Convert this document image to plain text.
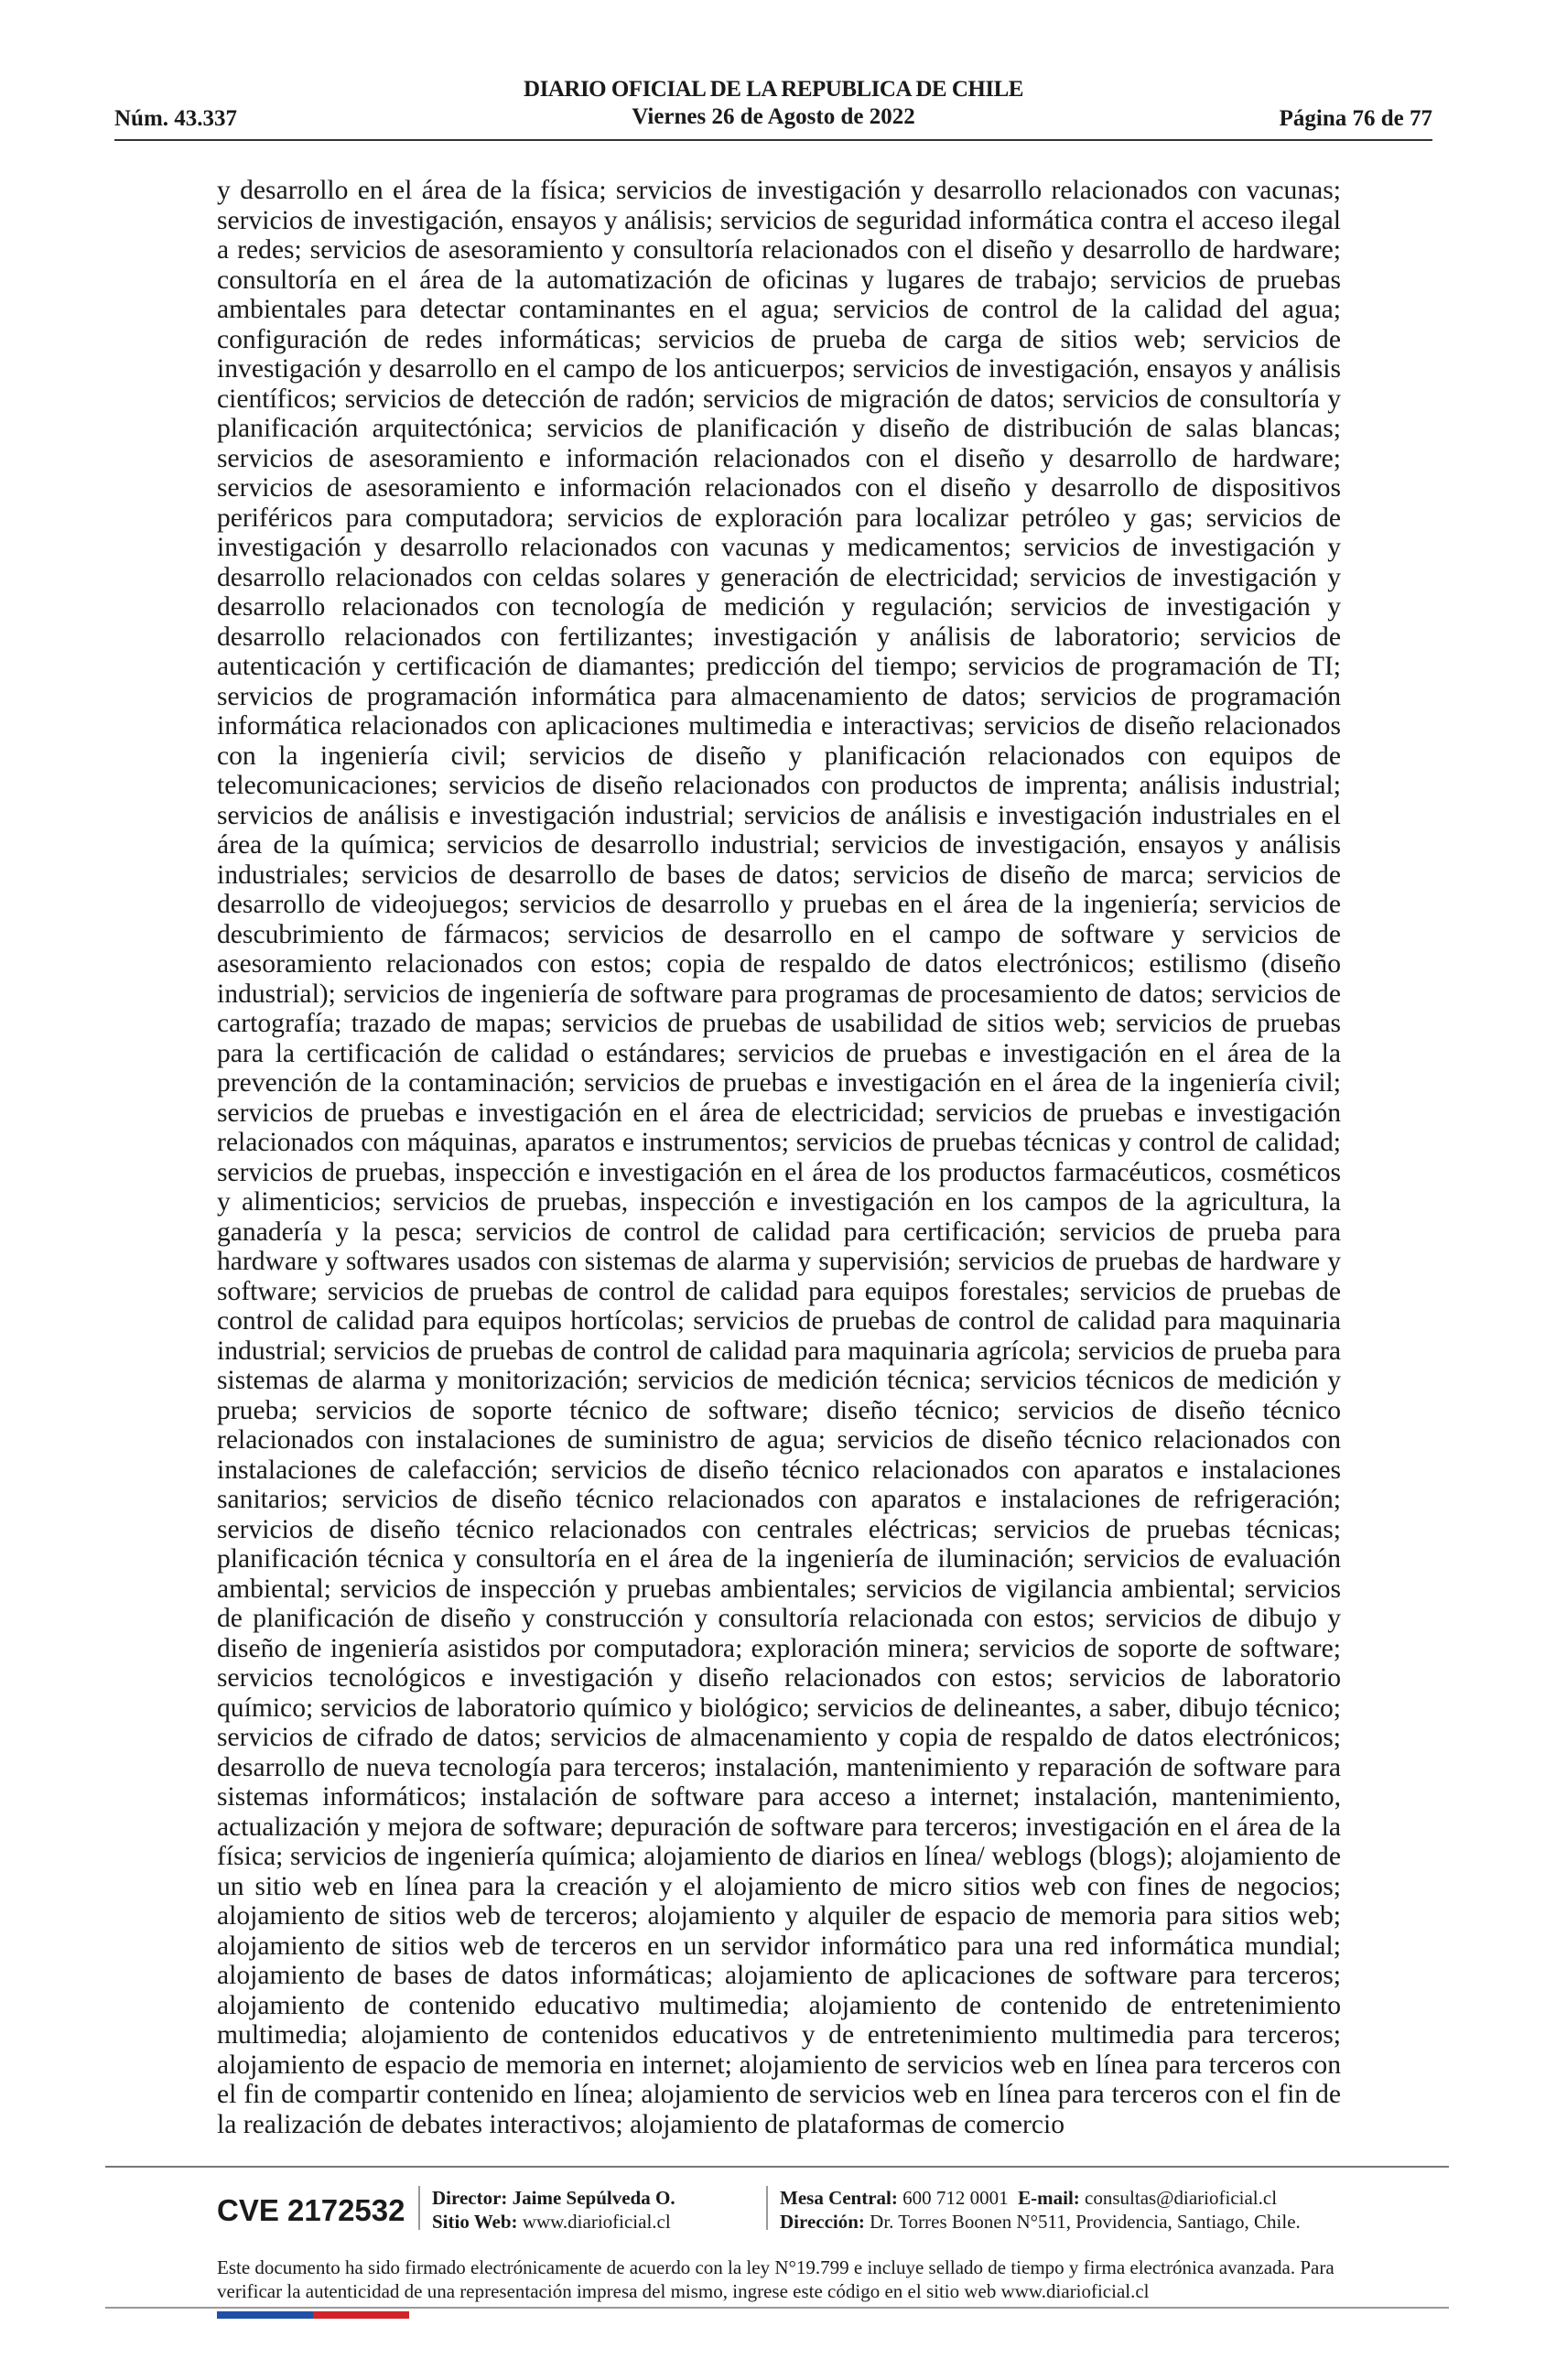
Núm. 43.337
DIARIO OFICIAL DE LA REPUBLICA DE CHILE
Viernes 26 de Agosto de 2022	Página 76 de 77

y desarrollo en el área de la física; servicios de investigación y desarrollo relacionados con vacunas; servicios de investigación, ensayos y análisis; servicios de seguridad informática contra el acceso ilegal a redes; servicios de asesoramiento y consultoría relacionados con el diseño y desarrollo de hardware; consultoría en el área de la automatización de oficinas y lugares de trabajo; servicios de pruebas ambientales para detectar contaminantes en el agua; servicios de control de la calidad del agua; configuración de redes informáticas; servicios de prueba de carga de sitios web; servicios de investigación y desarrollo en el campo de los anticuerpos; servicios de investigación, ensayos y análisis científicos; servicios de detección de radón; servicios de migración de datos; servicios de consultoría y planificación arquitectónica; servicios de planificación y diseño de distribución de salas blancas; servicios de asesoramiento e información relacionados con el diseño y desarrollo de hardware; servicios de asesoramiento e información relacionados con el diseño y desarrollo de dispositivos periféricos para computadora; servicios de exploración para localizar petróleo y gas; servicios de investigación y desarrollo relacionados con vacunas y medicamentos; servicios de investigación y desarrollo relacionados con celdas solares y generación de electricidad; servicios de investigación y desarrollo relacionados con tecnología de medición y regulación; servicios de investigación y desarrollo relacionados con fertilizantes; investigación y análisis de laboratorio; servicios de autenticación y certificación de diamantes; predicción del tiempo; servicios de programación de TI; servicios de programación informática para almacenamiento de datos; servicios de programación informática relacionados con aplicaciones multimedia e interactivas; servicios de diseño relacionados con la ingeniería civil; servicios de diseño y planificación relacionados con equipos de telecomunicaciones; servicios de diseño relacionados con productos de imprenta; análisis industrial; servicios de análisis e investigación industrial; servicios de análisis e investigación industriales en el área de la química; servicios de desarrollo industrial; servicios de investigación, ensayos y análisis industriales; servicios de desarrollo de bases de datos; servicios de diseño de marca; servicios de desarrollo de videojuegos; servicios de desarrollo y pruebas en el área de la ingeniería; servicios de descubrimiento de fármacos; servicios de desarrollo en el campo de software y servicios de asesoramiento relacionados con estos; copia de respaldo de datos electrónicos; estilismo (diseño industrial); servicios de ingeniería de software para programas de procesamiento de datos; servicios de cartografía; trazado de mapas; servicios de pruebas de usabilidad de sitios web; servicios de pruebas para la certificación de calidad o estándares; servicios de pruebas e investigación en el área de la prevención de la contaminación; servicios de pruebas e investigación en el área de la ingeniería civil; servicios de pruebas e investigación en el área de electricidad; servicios de pruebas e investigación relacionados con máquinas, aparatos e instrumentos; servicios de pruebas técnicas y control de calidad; servicios de pruebas, inspección e investigación en el área de los productos farmacéuticos, cosméticos y alimenticios; servicios de pruebas, inspección e investigación en los campos de la agricultura, la ganadería y la pesca; servicios de control de calidad para certificación; servicios de prueba para hardware y softwares usados con sistemas de alarma y supervisión; servicios de pruebas de hardware y software; servicios de pruebas de control de calidad para equipos forestales; servicios de pruebas de control de calidad para equipos hortícolas; servicios de pruebas de control de calidad para maquinaria industrial; servicios de pruebas de control de calidad para maquinaria agrícola; servicios de prueba para sistemas de alarma y monitorización; servicios de medición técnica; servicios técnicos de medición y prueba; servicios de soporte técnico de software; diseño técnico; servicios de diseño técnico relacionados con instalaciones de suministro de agua; servicios de diseño técnico relacionados con instalaciones de calefacción; servicios de diseño técnico relacionados con aparatos e instalaciones sanitarios; servicios de diseño técnico relacionados con aparatos e instalaciones de refrigeración; servicios de diseño técnico relacionados con centrales eléctricas; servicios de pruebas técnicas; planificación técnica y consultoría en el área de la ingeniería de iluminación; servicios de evaluación ambiental; servicios de inspección y pruebas ambientales; servicios de vigilancia ambiental; servicios de planificación de diseño y construcción y consultoría relacionada con estos; servicios de dibujo y diseño de ingeniería asistidos por computadora; exploración minera; servicios de soporte de software; servicios tecnológicos e investigación y diseño relacionados con estos; servicios de laboratorio químico; servicios de laboratorio químico y biológico; servicios de delineantes, a saber, dibujo técnico; servicios de cifrado de datos; servicios de almacenamiento y copia de respaldo de datos electrónicos; desarrollo de nueva tecnología para terceros; instalación, mantenimiento y reparación de software para sistemas informáticos; instalación de software para acceso a internet; instalación, mantenimiento, actualización y mejora de software; depuración de software para terceros; investigación en el área de la física; servicios de ingeniería química; alojamiento de diarios en línea/ weblogs (blogs); alojamiento de un sitio web en línea para la creación y el alojamiento de micro sitios web con fines de negocios; alojamiento de sitios web de terceros; alojamiento y alquiler de espacio de memoria para sitios web; alojamiento de sitios web de terceros en un servidor informático para una red informática mundial; alojamiento de bases de datos informáticas; alojamiento de aplicaciones de software para terceros; alojamiento de contenido educativo multimedia; alojamiento de contenido de entretenimiento multimedia; alojamiento de contenidos educativos y de entretenimiento multimedia para terceros; alojamiento de espacio de memoria en internet; alojamiento de servicios web en línea para terceros con el fin de compartir contenido en línea; alojamiento de servicios web en línea para terceros con el fin de la realización de debates interactivos; alojamiento de plataformas de comercio

CVE 2172532 Director: Jaime Sepúlveda O.
Sitio Web: www.diarioficial.cl
Mesa Central: 600 712 0001 E-mail: consultas@diarioficial.cl
Dirección: Dr. Torres Boonen N°511, Providencia, Santiago, Chile.

Este documento ha sido firmado electrónicamente de acuerdo con la ley N°19.799 e incluye sellado de tiempo y firma electrónica avanzada. Para verificar la autenticidad de una representación impresa del mismo, ingrese este código en el sitio web www.diarioficial.cl
